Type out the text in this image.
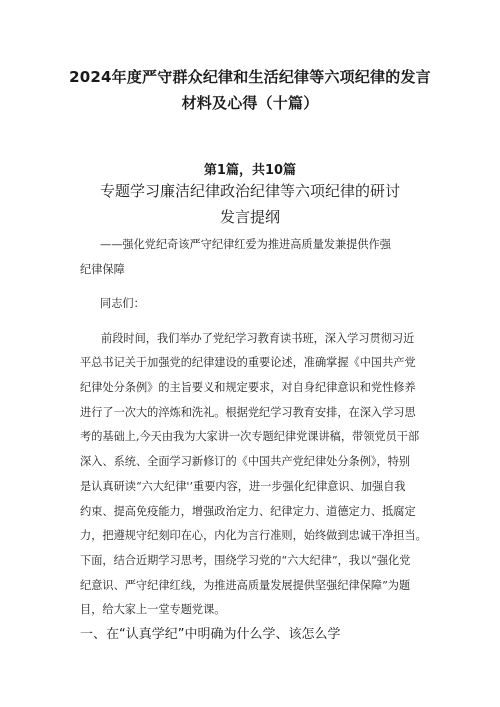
2024年度严守群众纪律和生活纪律等六项纪律的发言
材料及心得（十篇）
第1篇，共10篇
专题学习廉洁纪律政治纪律等六项纪律的研讨
发言提纲
——强化党纪奇该严守纪律红爱为推进高质量发兼提供作强
纪律保障
同志们：
前段时间，我们举办了党纪学习教育读书班，深入学习贯彻习近
平总书记关于加强党的纪律建设的重要论述，准确掌握《中国共产党
纪律处分条例》的主旨要义和规定要求，对自身纪律意识和党性修养
进行了一次大的淬炼和洗礼。根据党纪学习教育安排，在深入学习思
考的基础上,今天由我为大家讲一次专题纪律党课讲稿，带领党员干部
深入、系统、全面学习新修订的《中国共产党纪律处分条例》，特别
是认真研读“六大纪律'’重要内容，进一步强化纪律意识、加强自我
约束、提高免疫能力，增强政治定力、纪律定力、道德定力、抵腐定
力，把遵规守纪刻印在心，内化为言行准则，始终做到忠诚干净担当。
下面，结合近期学习思考，围绕学习党的“六大纪律”，我以“强化党
纪意识、严守纪律红线，为推进高质量发展提供坚强纪律保障”为题
目，给大家上一堂专题党课。
一、在“认真学纪”中明确为什么学、该怎么学
